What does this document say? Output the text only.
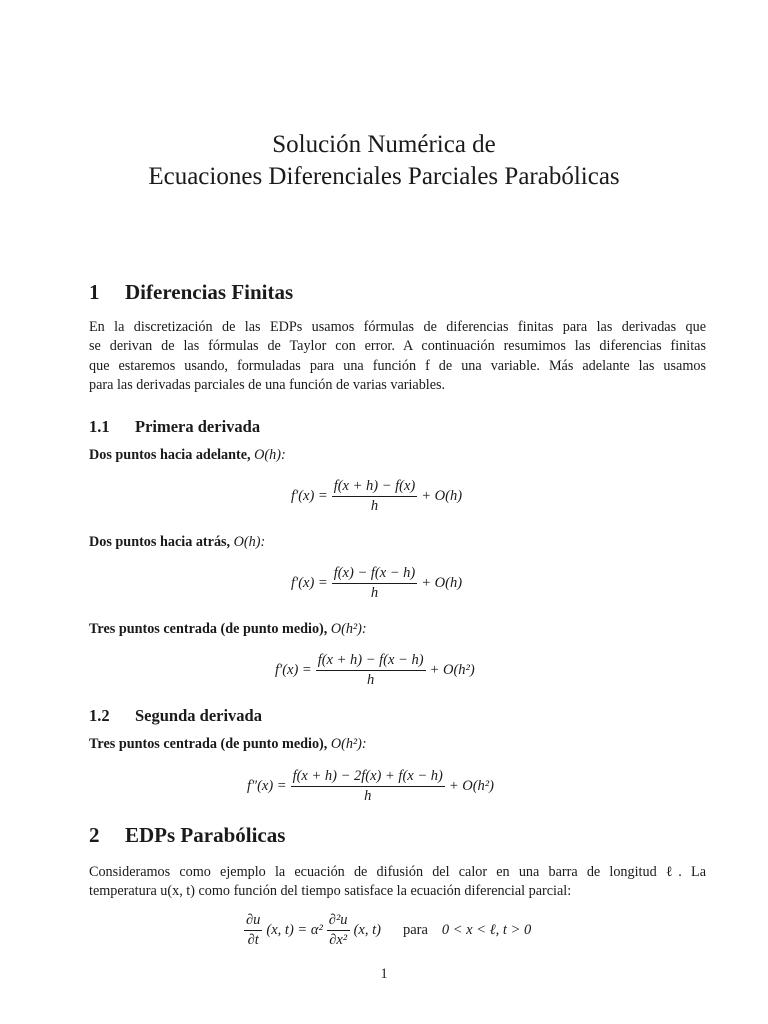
Solución Numérica de
Ecuaciones Diferenciales Parciales Parabólicas
1 Diferencias Finitas
En la discretización de las EDPs usamos fórmulas de diferencias finitas para las derivadas que
se derivan de las fórmulas de Taylor con error. A continuación resumimos las diferencias finitas
que estaremos usando, formuladas para una función f de una variable. Más adelante las usamos
para las derivadas parciales de una función de varias variables.
1.1 Primera derivada
Dos puntos hacia adelante, O(h):
$f'(x) = \frac{f(x + h) - f(x)}{h} + O(h)$
Dos puntos hacia atrás, O(h):
$f'(x) = \frac{f(x) - f(x - h)}{h} + O(h)$
Tres puntos centrada (de punto medio), O(h²):
$f'(x) = \frac{f(x + h) - f(x - h)}{h} + O(h^2)$
1.2 Segunda derivada
Tres puntos centrada (de punto medio), O(h²):
$f''(x) = \frac{f(x + h) - 2f(x) + f(x - h)}{h} + O(h^2)$
2 EDPs Parabólicas
Consideramos como ejemplo la ecuación de difusión del calor en una barra de longitud ℓ. La
temperatura u(x, t) como función del tiempo satisface la ecuación diferencial parcial:
$\frac{\partial u}{\partial t} (x$, $t) = \alpha^2 \frac{\text{∂²u}}{\text{∂x²}} (x$, t) para 0 < x < ℓ, t > 0
1
